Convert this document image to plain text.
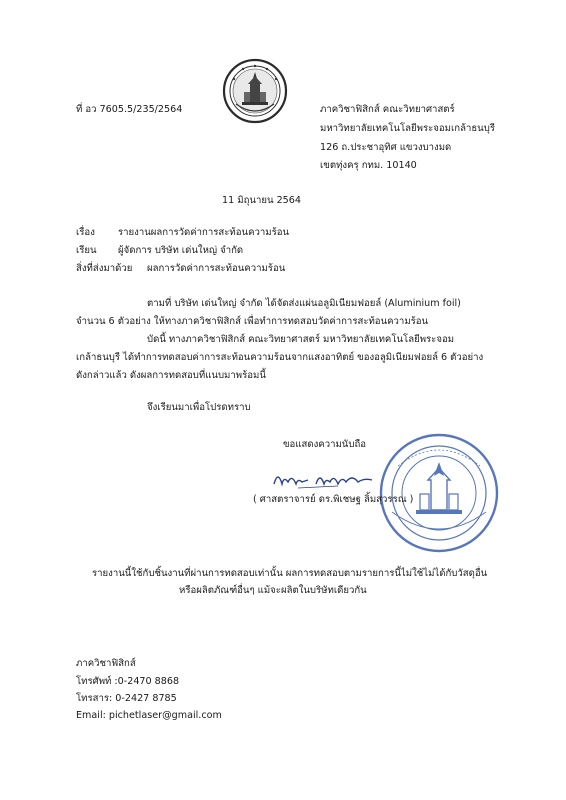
ที่ อว 7605.5/235/2564	ภาควิชาฟิสิกส์ คณะวิทยาศาสตร์
มหาวิทยาลัยเทคโนโลยีพระจอมเกล้าธนบุรี
126 ถ.ประชาอุทิศ แขวงบางมด
เขตทุ่งครุ กทม. 10140
11 มิถุนายน 2564
เรื่อง รายงานผลการวัดค่าการสะท้อนความร้อน
เรียน ผู้จัดการ บริษัท เด่นใหญ่ จำกัด
สิ่งที่ส่งมาด้วย ผลการวัดค่าการสะท้อนความร้อน
ตามที่ บริษัท เด่นใหญ่ จำกัด ได้จัดส่งแผ่นอลูมิเนียมฟอยล์ (Aluminium foil)
จำนวน 6 ตัวอย่าง ให้ทางภาควิชาฟิสิกส์ เพื่อทำการทดสอบวัดค่าการสะท้อนความร้อน
บัดนี้ ทางภาควิชาฟิสิกส์ คณะวิทยาศาสตร์ มหาวิทยาลัยเทคโนโลยีพระจอม
เกล้าธนบุรี ได้ทำการทดสอบค่าการสะท้อนความร้อนจากแสงอาทิตย์ ของอลูมิเนียมฟอยล์ 6 ตัวอย่าง
ดังกล่าวแล้ว ดังผลการทดสอบที่แนบมาพร้อมนี้
จึงเรียนมาเพื่อโปรดทราบ
ขอแสดงความนับถือ
( ศาสตราจารย์ ดร.พิเชษฐ ลิ้มสุวรรณ )
รายงานนี้ใช้กับชิ้นงานที่ผ่านการทดสอบเท่านั้น ผลการทดสอบตามรายการนี้ไม่ใช้ไม่ได้กับวัสดุอื่น
หรือผลิตภัณฑ์อื่นๆ แม้จะผลิตในบริษัทเดียวกัน
ภาควิชาฟิสิกส์
โทรศัพท์ :0-2470 8868
โทรสาร: 0-2427 8785
Email: pichetlaser@gmail.com
